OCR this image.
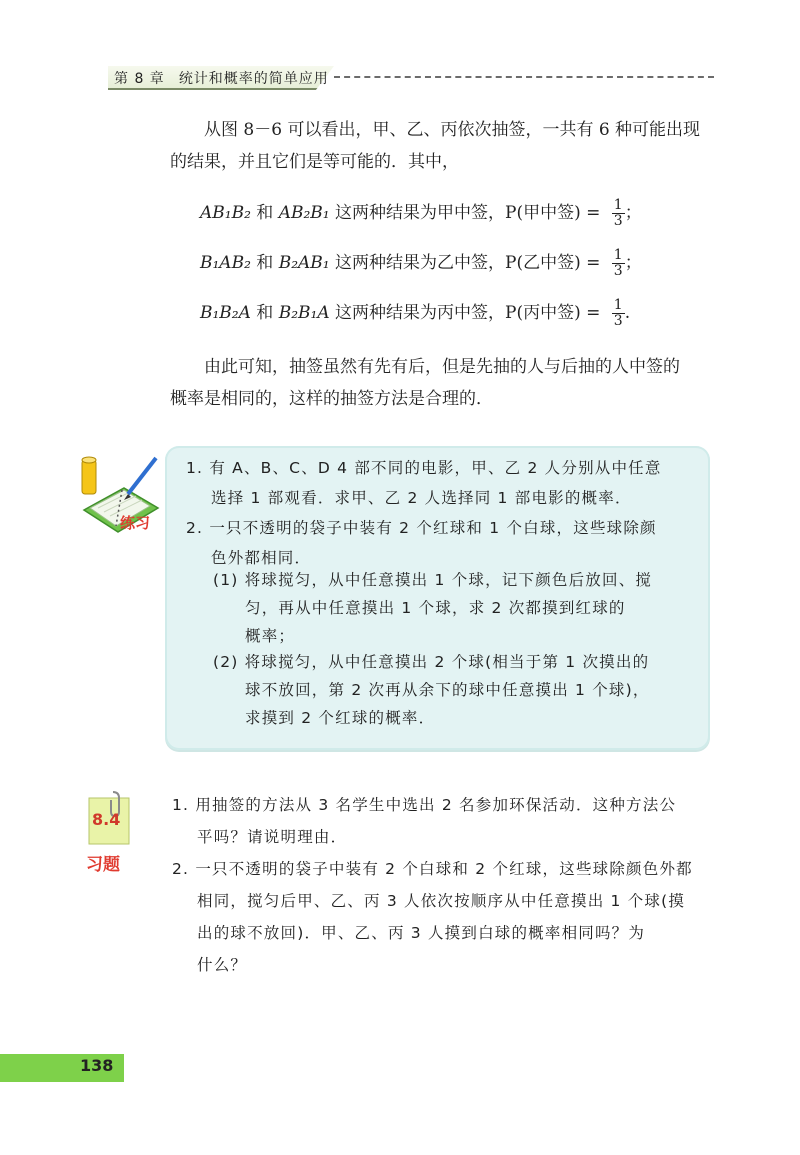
第 8 章 统计和概率的简单应用
从图 8－6 可以看出，甲、乙、丙依次抽签，一共有 6 种可能出现
的结果，并且它们是等可能的．其中，
AB₁B₂ 和 AB₂B₁ 这两种结果为甲中签，P(甲中签) = $\frac{1}{3}$ ；
B₁AB₂ 和 B₂AB₁ 这两种结果为乙中签，P(乙中签) = $\frac{1}{3}$ ；
B₁B₂A 和 B₂B₁A 这两种结果为丙中签，P(丙中签) = $\frac{1}{3}$ .
由此可知，抽签虽然有先有后，但是先抽的人与后抽的人中签的
概率是相同的，这样的抽签方法是合理的．
练习
1. 有 A、B、C、D 4 部不同的电影，甲、乙 2 人分别从中任意
选择 1 部观看．求甲、乙 2 人选择同 1 部电影的概率．
2. 一只不透明的袋子中装有 2 个红球和 1 个白球，这些球除颜
色外都相同．
(1) 将球搅匀，从中任意摸出 1 个球，记下颜色后放回、搅
匀，再从中任意摸出 1 个球，求 2 次都摸到红球的
概率；
(2) 将球搅匀，从中任意摸出 2 个球(相当于第 1 次摸出的
球不放回，第 2 次再从余下的球中任意摸出 1 个球)，
求摸到 2 个红球的概率．
8.4
习题
1. 用抽签的方法从 3 名学生中选出 2 名参加环保活动．这种方法公
平吗？请说明理由．
2. 一只不透明的袋子中装有 2 个白球和 2 个红球，这些球除颜色外都
相同，搅匀后甲、乙、丙 3 人依次按顺序从中任意摸出 1 个球(摸
出的球不放回)．甲、乙、丙 3 人摸到白球的概率相同吗？为
什么？
138
